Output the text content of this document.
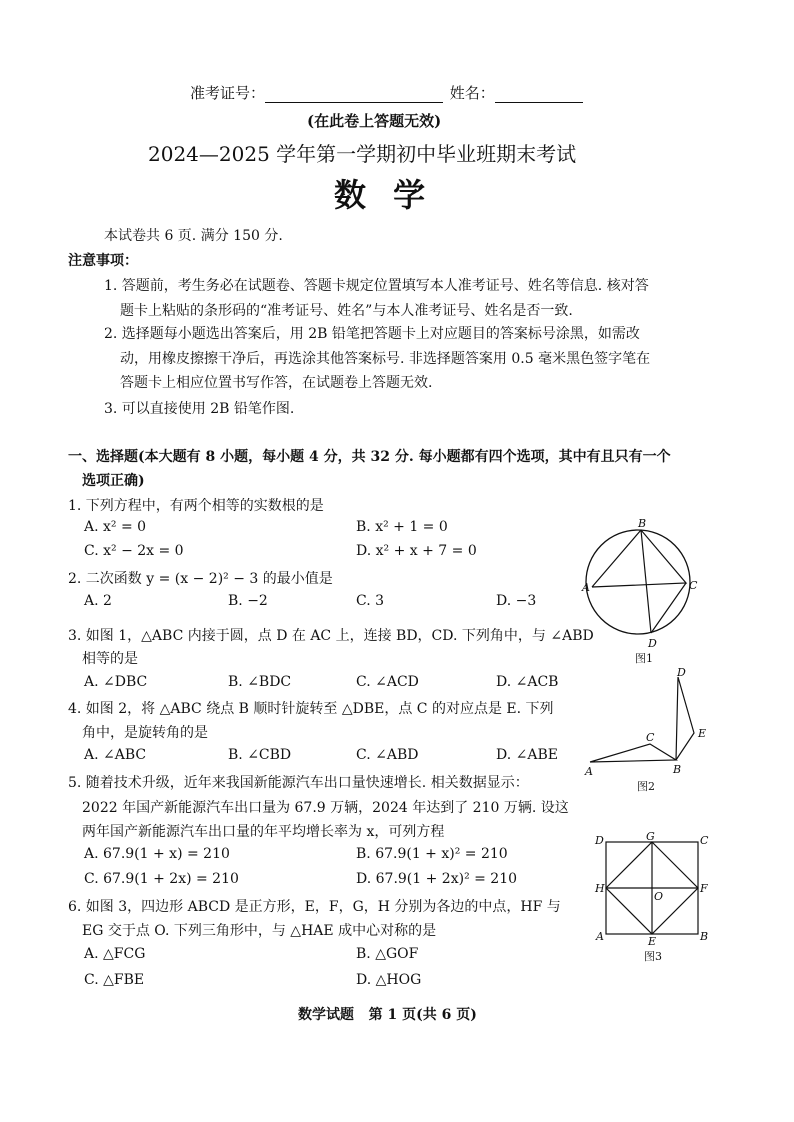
准考证号：	姓名：
(在此卷上答题无效)
2024—2025 学年第一学期初中毕业班期末考试
数 学
本试卷共 6 页. 满分 150 分.
注意事项：
1. 答题前，考生务必在试题卷、答题卡规定位置填写本人准考证号、姓名等信息. 核对答
题卡上粘贴的条形码的“准考证号、姓名”与本人准考证号、姓名是否一致.
2. 选择题每小题选出答案后，用 2B 铅笔把答题卡上对应题目的答案标号涂黑，如需改
动，用橡皮擦擦干净后，再选涂其他答案标号. 非选择题答案用 0.5 毫米黑色签字笔在
答题卡上相应位置书写作答，在试题卷上答题无效.
3. 可以直接使用 2B 铅笔作图.
一、选择题(本大题有 8 小题，每小题 4 分，共 32 分. 每小题都有四个选项，其中有且只有一个
选项正确)
1. 下列方程中，有两个相等的实数根的是
A. x² = 0	B. x² + 1 = 0
C. x² − 2x = 0	D. x² + x + 7 = 0
2. 二次函数 y = (x − 2)² − 3 的最小值是
A. 2	B. −2	C. 3	D. −3
3. 如图 1，△ABC 内接于圆，点 D 在 AC 上，连接 BD，CD. 下列角中，与 ∠ABD
相等的是
A. ∠DBC	B. ∠BDC	C. ∠ACD	D. ∠ACB
4. 如图 2，将 △ABC 绕点 B 顺时针旋转至 △DBE，点 C 的对应点是 E. 下列
角中，是旋转角的是
A. ∠ABC	B. ∠CBD	C. ∠ABD	D. ∠ABE
5. 随着技术升级，近年来我国新能源汽车出口量快速增长. 相关数据显示：
2022 年国产新能源汽车出口量为 67.9 万辆，2024 年达到了 210 万辆. 设这
两年国产新能源汽车出口量的年平均增长率为 x，可列方程
A. 67.9(1 + x) = 210	B. 67.9(1 + x)² = 210
C. 67.9(1 + 2x) = 210	D. 67.9(1 + 2x)² = 210
6. 如图 3，四边形 ABCD 是正方形，E，F，G，H 分别为各边的中点，HF 与
EG 交于点 O. 下列三角形中，与 △HAE 成中心对称的是
A. △FCG	B. △GOF
C. △FBE	D. △HOG
B
A	C
D
图1
D
C	E
A	B
图2
D	G	C
H
O
F
A	E	B
图3
数学试题   第 1 页(共 6 页)
